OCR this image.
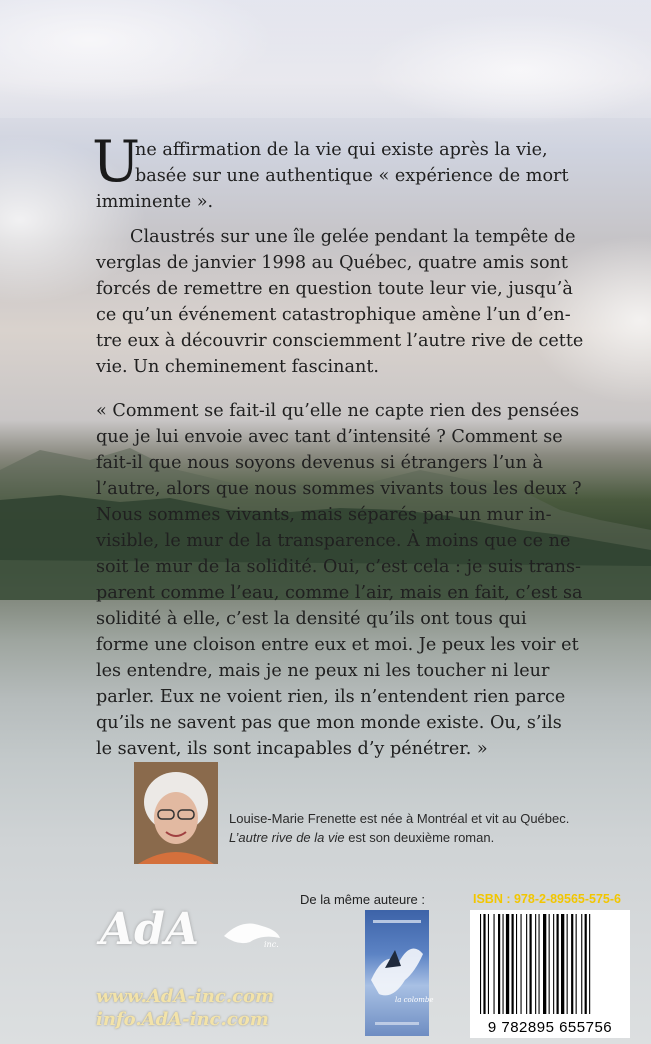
U
ne affirmation de la vie qui existe après la vie,
basée sur une authentique « expérience de mort
imminente ».
Claustrés sur une île gelée pendant la tempête de
verglas de janvier 1998 au Québec, quatre amis sont
forcés de remettre en question toute leur vie, jusqu’à
ce qu’un événement catastrophique amène l’un d’en-
tre eux à découvrir consciemment l’autre rive de cette
vie. Un cheminement fascinant.
« Comment se fait-il qu’elle ne capte rien des pensées
que je lui envoie avec tant d’intensité ? Comment se
fait-il que nous soyons devenus si étrangers l’un à
l’autre, alors que nous sommes vivants tous les deux ?
Nous sommes vivants, mais séparés par un mur in-
visible, le mur de la transparence. À moins que ce ne
soit le mur de la solidité. Oui, c’est cela : je suis trans-
parent comme l’eau, comme l’air, mais en fait, c’est sa
solidité à elle, c’est la densité qu’ils ont tous qui
forme une cloison entre eux et moi. Je peux les voir et
les entendre, mais je ne peux ni les toucher ni leur
parler. Eux ne voient rien, ils n’entendent rien parce
qu’ils ne savent pas que mon monde existe. Ou, s’ils
le savent, ils sont incapables d’y pénétrer. »
Louise-Marie Frenette est née à Montréal et vit au Québec.
L’autre rive de la vie est son deuxième roman.
AdA	inc.
www.AdA-inc.com
info.AdA-inc.com
De la même auteure :
la colombe
ISBN : 978-2-89565-575-6
9 782895 655756
